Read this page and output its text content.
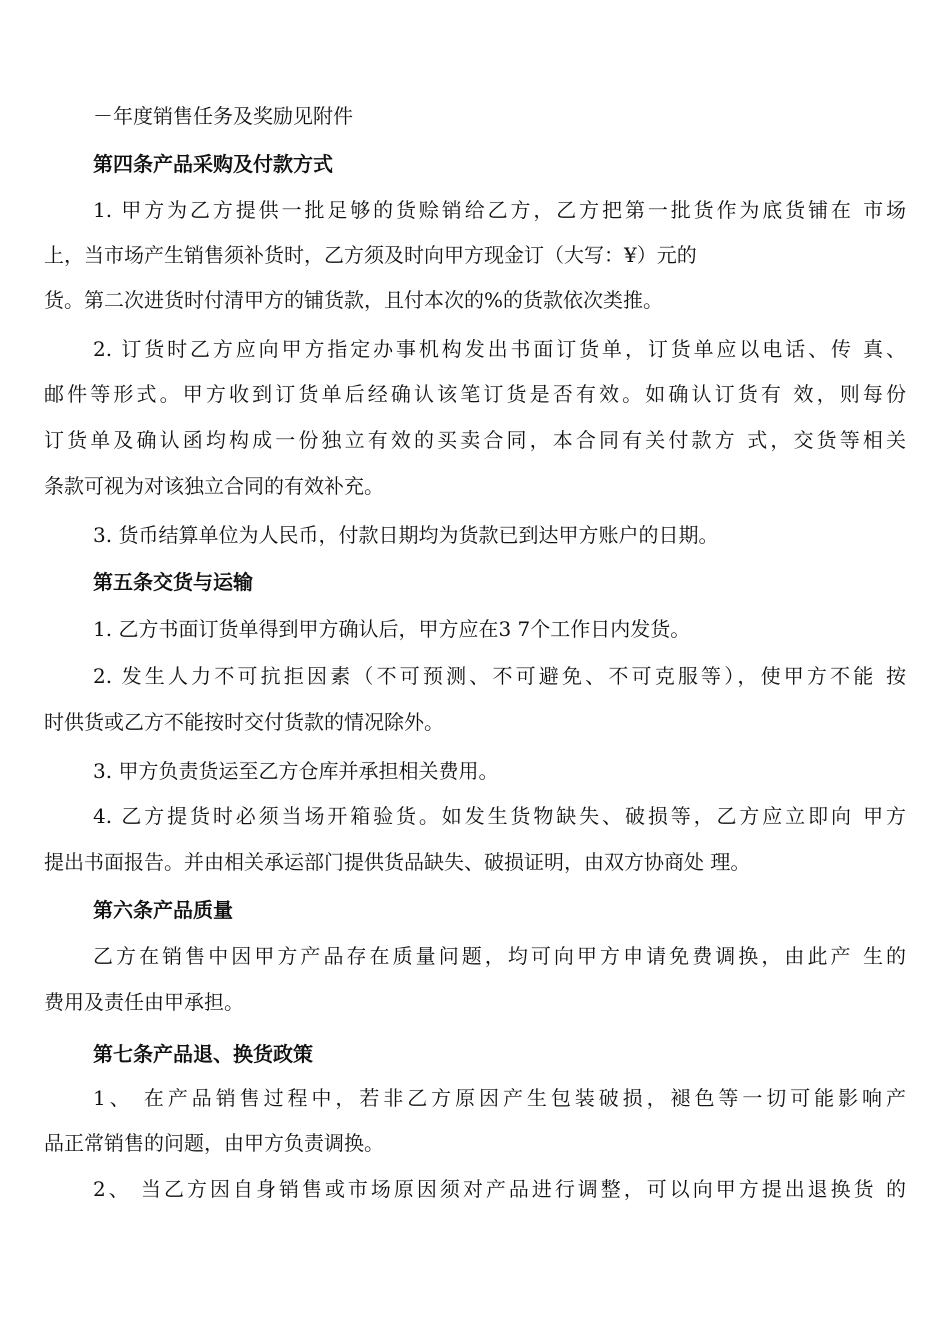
－年度销售任务及奖励见附件
第四条产品采购及付款方式
1. 甲方为乙方提供一批足够的货赊销给乙方，乙方把第一批货作为底货铺在 市场
上，当市场产生销售须补货时，乙方须及时向甲方现金订（大写：¥）元的
货。第二次进货时付清甲方的铺货款，且付本次的%的货款依次类推。
2. 订货时乙方应向甲方指定办事机构发出书面订货单，订货单应以电话、传 真、
邮件等形式。甲方收到订货单后经确认该笔订货是否有效。如确认订货有 效，则每份
订货单及确认函均构成一份独立有效的买卖合同，本合同有关付款方 式，交货等相关
条款可视为对该独立合同的有效补充。
3. 货币结算单位为人民币，付款日期均为货款已到达甲方账户的日期。
第五条交货与运输
1. 乙方书面订货单得到甲方确认后，甲方应在3 7个工作日内发货。
2. 发生人力不可抗拒因素（不可预测、不可避免、不可克服等），使甲方不能 按
时供货或乙方不能按时交付货款的情况除外。
3. 甲方负责货运至乙方仓库并承担相关费用。
4. 乙方提货时必须当场开箱验货。如发生货物缺失、破损等，乙方应立即向 甲方
提出书面报告。并由相关承运部门提供货品缺失、破损证明，由双方协商处 理。
第六条产品质量
乙方在销售中因甲方产品存在质量问题，均可向甲方申请免费调换，由此产 生的
费用及责任由甲承担。
第七条产品退、换货政策
1、 在产品销售过程中，若非乙方原因产生包装破损，褪色等一切可能影响产
品正常销售的问题，由甲方负责调换。
2、 当乙方因自身销售或市场原因须对产品进行调整，可以向甲方提出退换货 的
